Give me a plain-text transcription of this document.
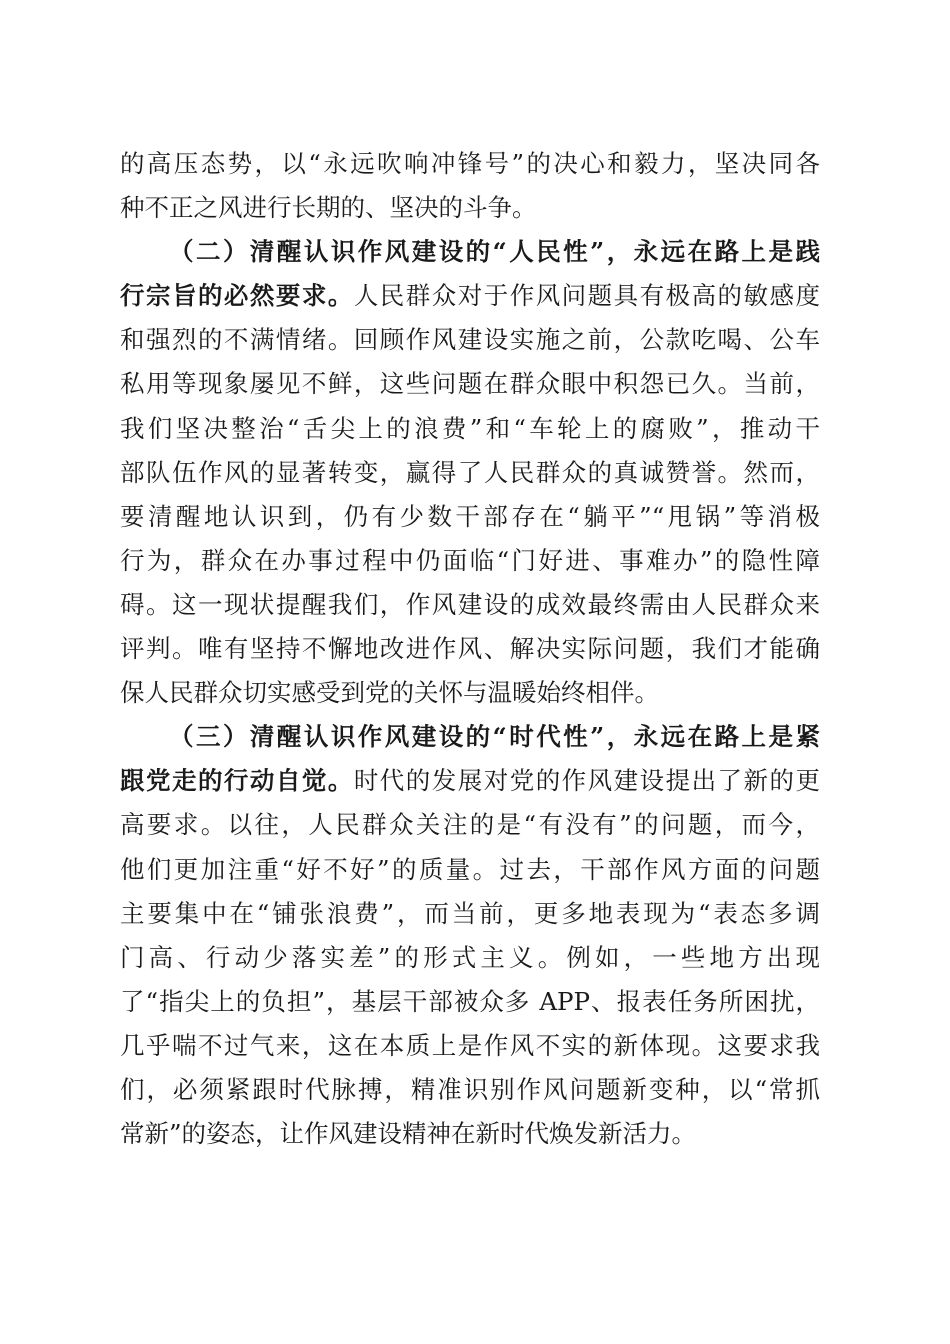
的高压态势，以“永远吹响冲锋号”的决心和毅力，坚决同各
种不正之风进行长期的、坚决的斗争。
（二）清醒认识作风建设的“人民性”，永远在路上是践
行宗旨的必然要求。人民群众对于作风问题具有极高的敏感度
和强烈的不满情绪。回顾作风建设实施之前，公款吃喝、公车
私用等现象屡见不鲜，这些问题在群众眼中积怨已久。当前，
我们坚决整治“舌尖上的浪费”和“车轮上的腐败”，推动干
部队伍作风的显著转变，赢得了人民群众的真诚赞誉。然而，
要清醒地认识到，仍有少数干部存在“躺平”“甩锅”等消极
行为，群众在办事过程中仍面临“门好进、事难办”的隐性障
碍。这一现状提醒我们，作风建设的成效最终需由人民群众来
评判。唯有坚持不懈地改进作风、解决实际问题，我们才能确
保人民群众切实感受到党的关怀与温暖始终相伴。
（三）清醒认识作风建设的“时代性”，永远在路上是紧
跟党走的行动自觉。时代的发展对党的作风建设提出了新的更
高要求。以往，人民群众关注的是“有没有”的问题，而今，
他们更加注重“好不好”的质量。过去，干部作风方面的问题
主要集中在“铺张浪费”，而当前，更多地表现为“表态多调
门高、行动少落实差”的形式主义。例如，一些地方出现
了“指尖上的负担”，基层干部被众多 APP、报表任务所困扰，
几乎喘不过气来，这在本质上是作风不实的新体现。这要求我
们，必须紧跟时代脉搏，精准识别作风问题新变种，以“常抓
常新”的姿态，让作风建设精神在新时代焕发新活力。
